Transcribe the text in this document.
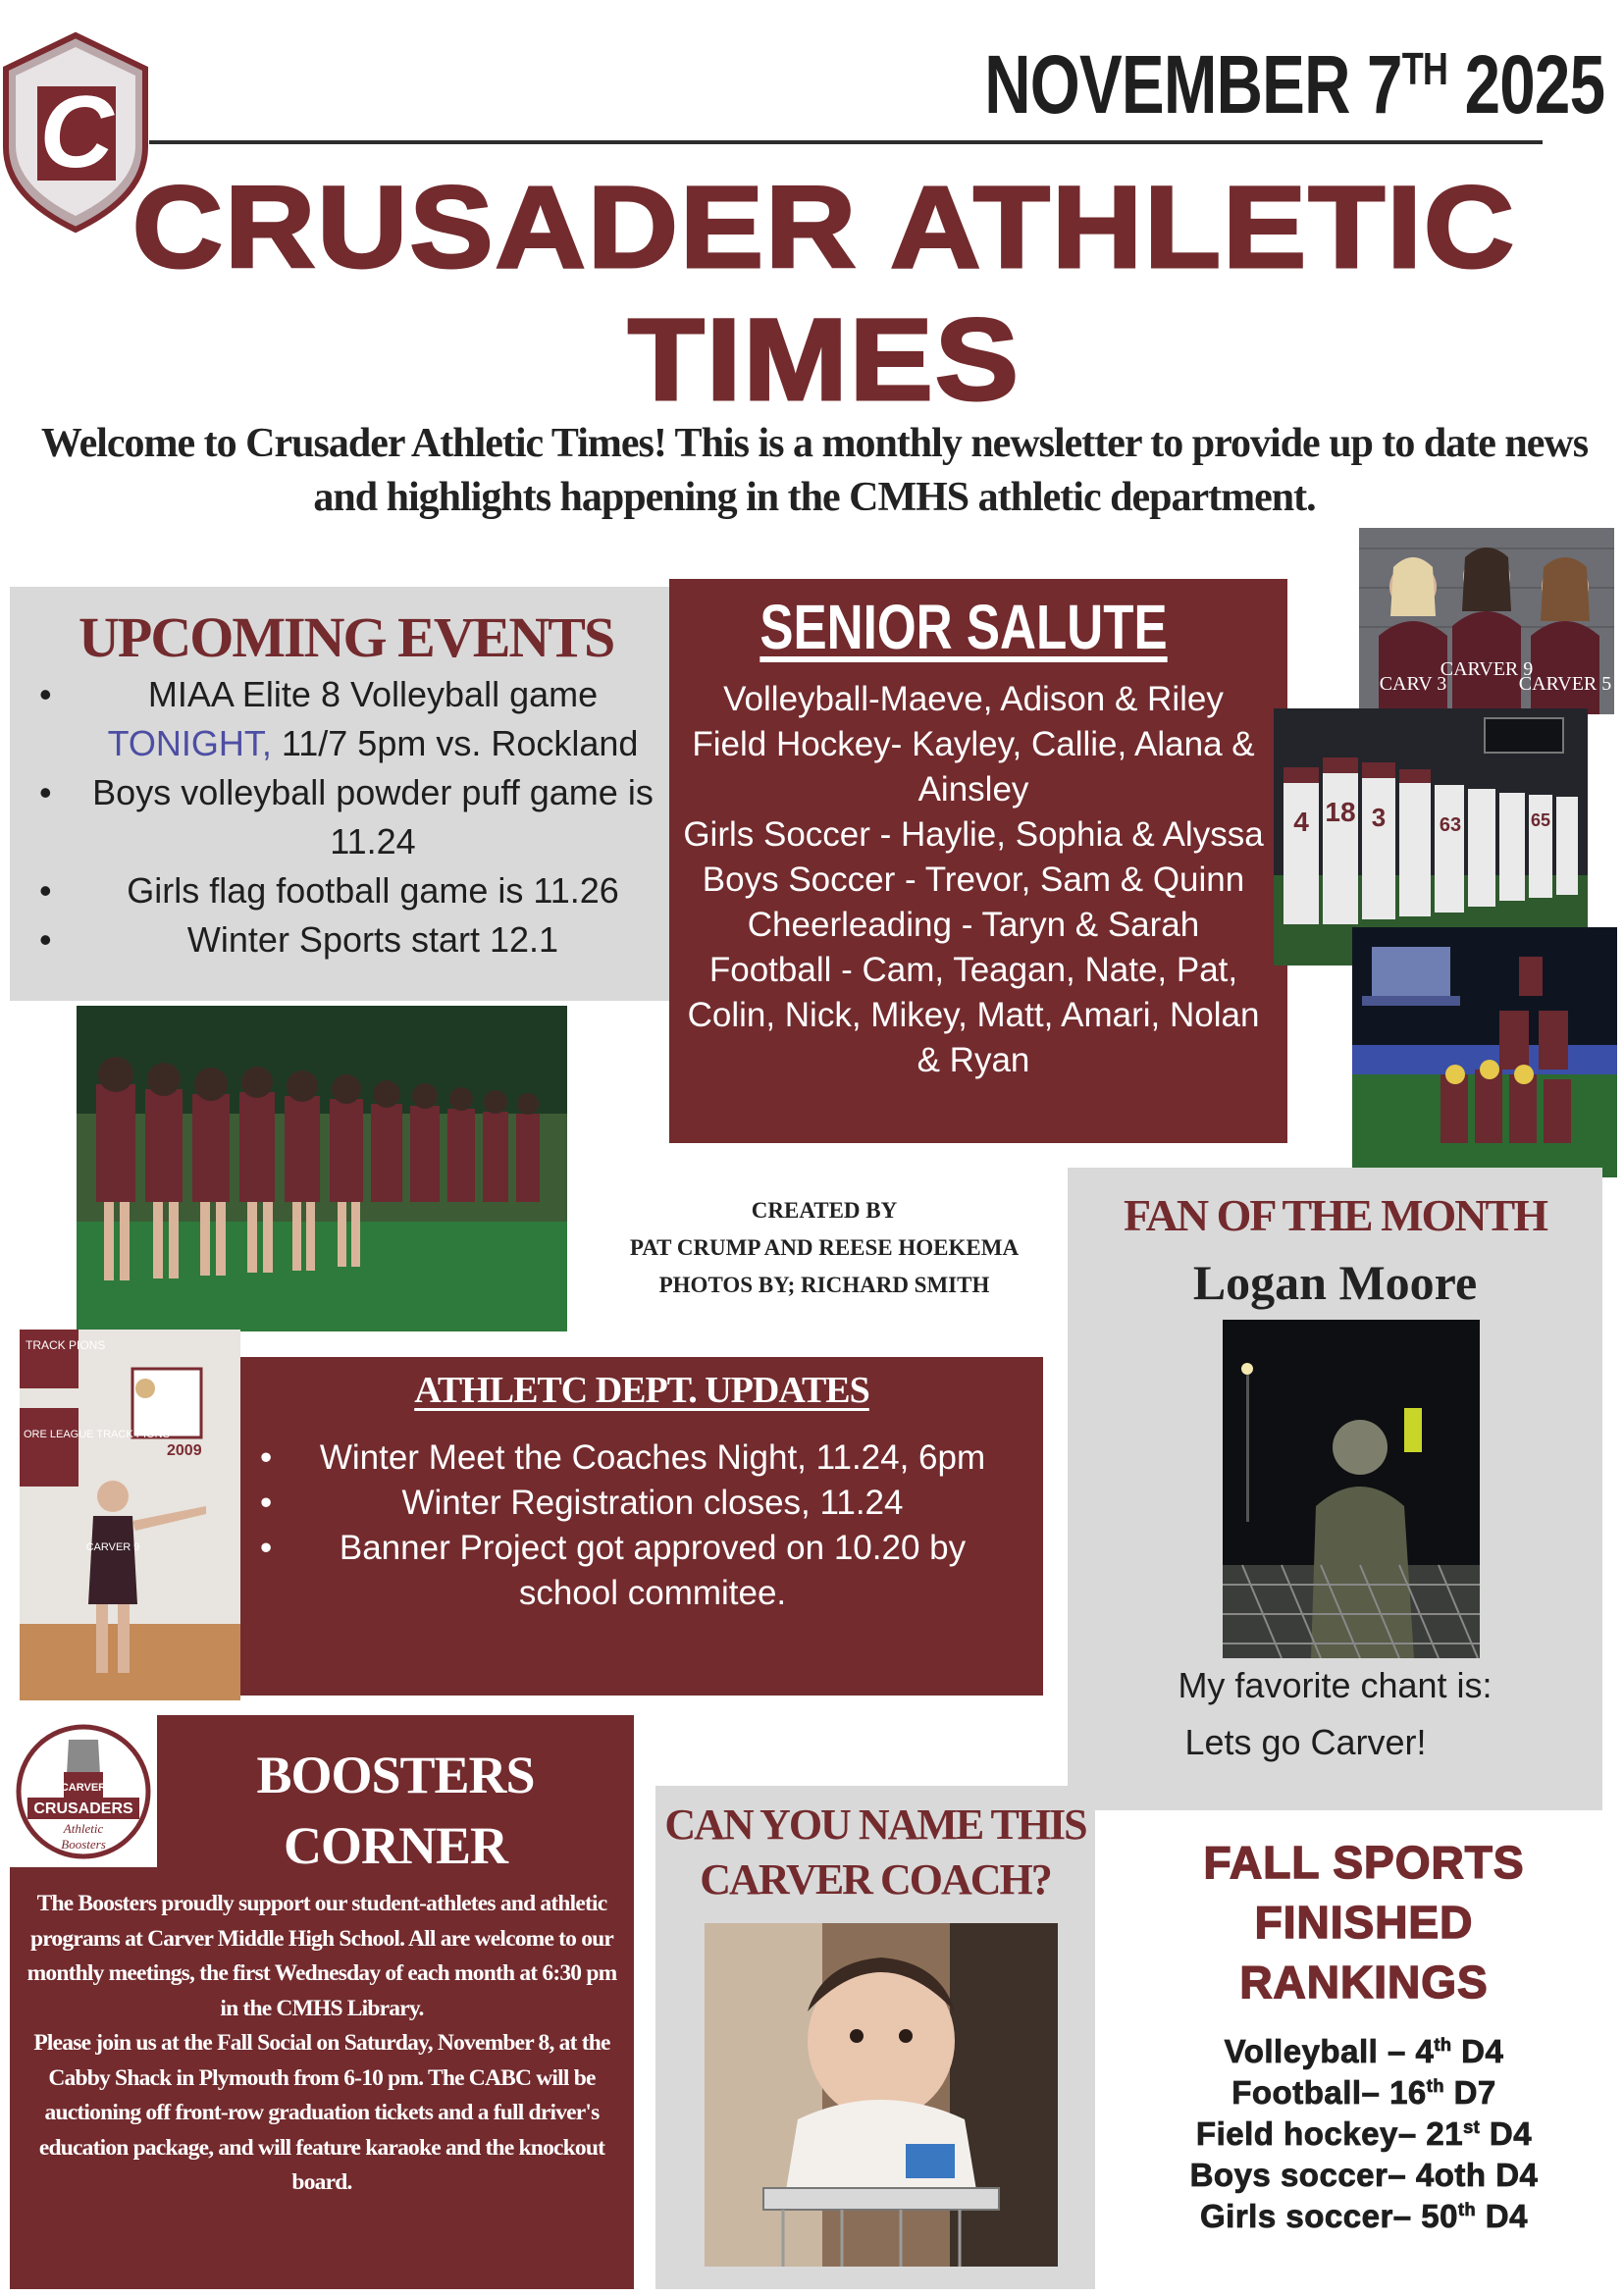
C	NOVEMBER 7TH 2025
CRUSADER ATHLETIC
TIMES
Welcome to Crusader Athletic Times! This is a monthly newsletter to provide up to date news and highlights happening in the CMHS athletic department.
UPCOMING EVENTS
•	MIAA Elite 8 Volleyball game
TONIGHT, 11/7 5pm vs. Rockland
• Boys volleyball powder puff game is 11.24
• Girls flag football game is 11.26
•	Winter Sports start 12.1
SENIOR SALUTE
Volleyball-Maeve, Adison & Riley
Field Hockey- Kayley, Callie, Alana & Ainsley
Girls Soccer - Haylie, Sophia & Alyssa
Boys Soccer - Trevor, Sam & Quinn
Cheerleading - Taryn & Sarah
Football - Cam, Teagan, Nate, Pat, Colin, Nick, Mikey, Matt, Amari, Nolan & Ryan
CARV 3
CARVER 9
CARVER 5
4 18 3	63	65
CREATED BY
PAT CRUMP AND REESE HOEKEMA
PHOTOS BY; RICHARD SMITH
FAN OF THE MONTH
Logan Moore
My favorite chant is:
Lets go Carver!
TRACK PIONS
2009
ORE LEAGUE TRACK PIONS
CARVER 9
ATHLETC DEPT. UPDATES
• Winter Meet the Coaches Night, 11.24, 6pm
•	Winter Registration closes, 11.24
• Banner Project got approved on 10.20 by school commitee.
CARVER
CRUSADERS
Athletic
Boosters
BOOSTERS
CORNER
The Boosters proudly support our student-athletes and athletic programs at Carver Middle High School. All are welcome to our monthly meetings, the first Wednesday of each month at 6:30 pm in the CMHS Library.
Please join us at the Fall Social on Saturday, November 8, at the Cabby Shack in Plymouth from 6-10 pm. The CABC will be auctioning off front-row graduation tickets and a full driver's education package, and will feature karaoke and the knockout board.
CAN YOU NAME THIS
CARVER COACH?	FALL SPORTS
FINISHED
RANKINGS
Volleyball – 4th D4
Football– 16th D7
Field hockey– 21st D4
Boys soccer– 4oth D4
Girls soccer– 50th D4
